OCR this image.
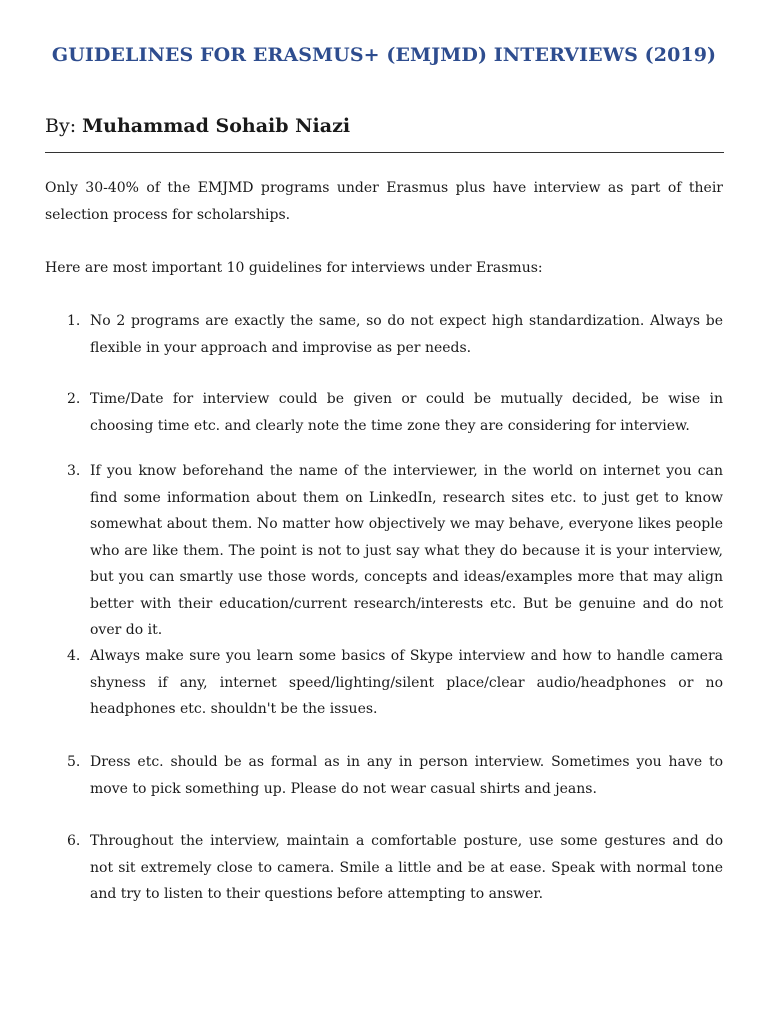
GUIDELINES FOR ERASMUS+ (EMJMD) INTERVIEWS (2019)

By: Muhammad Sohaib Niazi

Only 30-40% of the EMJMD programs under Erasmus plus have interview as part of their selection process for scholarships.

Here are most important 10 guidelines for interviews under Erasmus:

1. No 2 programs are exactly the same, so do not expect high standardization. Always be flexible in your approach and improvise as per needs.
2. Time/Date for interview could be given or could be mutually decided, be wise in choosing time etc. and clearly note the time zone they are considering for interview.
3. If you know beforehand the name of the interviewer, in the world on internet you can find some information about them on LinkedIn, research sites etc. to just get to know somewhat about them. No matter how objectively we may behave, everyone likes people who are like them. The point is not to just say what they do because it is your interview, but you can smartly use those words, concepts and ideas/examples more that may align better with their education/current research/interests etc. But be genuine and do not over do it.
4. Always make sure you learn some basics of Skype interview and how to handle camera shyness if any, internet speed/lighting/silent place/clear audio/headphones or no headphones etc. shouldn't be the issues.
5. Dress etc. should be as formal as in any in person interview. Sometimes you have to move to pick something up. Please do not wear casual shirts and jeans.
6. Throughout the interview, maintain a comfortable posture, use some gestures and do not sit extremely close to camera. Smile a little and be at ease. Speak with normal tone and try to listen to their questions before attempting to answer.
